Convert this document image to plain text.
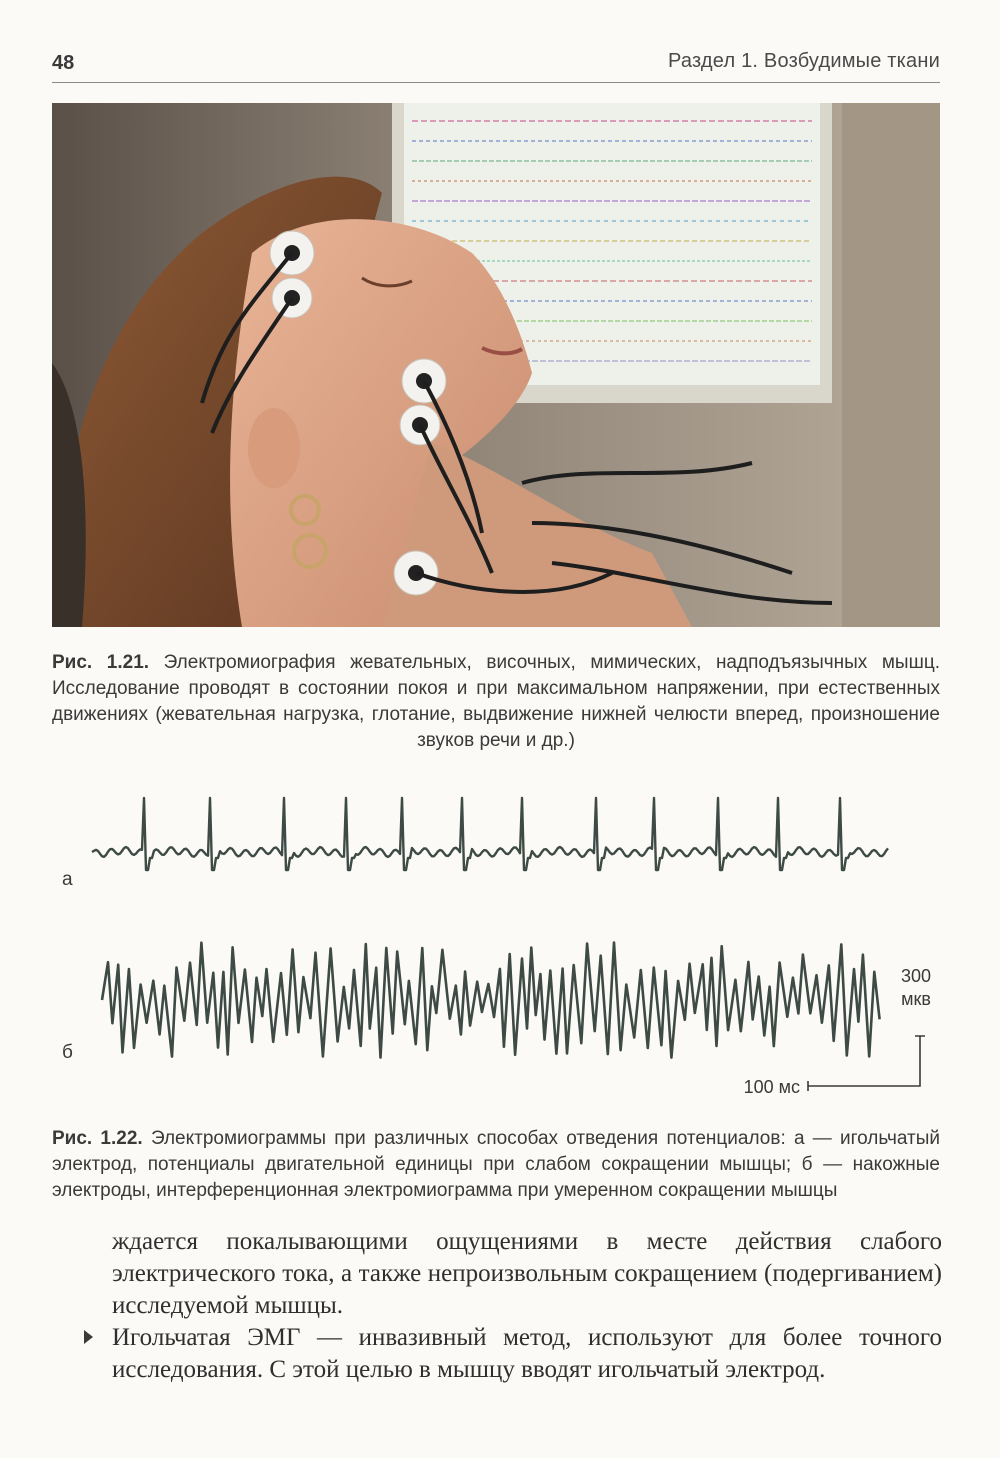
48	Раздел 1. Возбудимые ткани
Рис. 1.21. Электромиография жевательных, височных, мимических, надподъязычных мышц. Исследование проводят в состоянии покоя и при максимальном напряжении, при естественных движениях (жевательная нагрузка, глотание, выдвижение нижней челюсти вперед, произношение звуков речи и др.)
а
б
300
мкв
100 мс
Рис. 1.22. Электромиограммы при различных способах отведения потенциалов: а — игольчатый электрод, потенциалы двигательной единицы при слабом сокращении мышцы; б — накожные электроды, интерференционная электромиограмма при умеренном сокращении мышцы
ждается покалывающими ощущениями в месте действия слабого электрического тока, а также непроизвольным сокращением (подергиванием) исследуемой мышцы.
Игольчатая ЭМГ — инвазивный метод, используют для более точного исследования. С этой целью в мышцу вводят игольчатый электрод.
